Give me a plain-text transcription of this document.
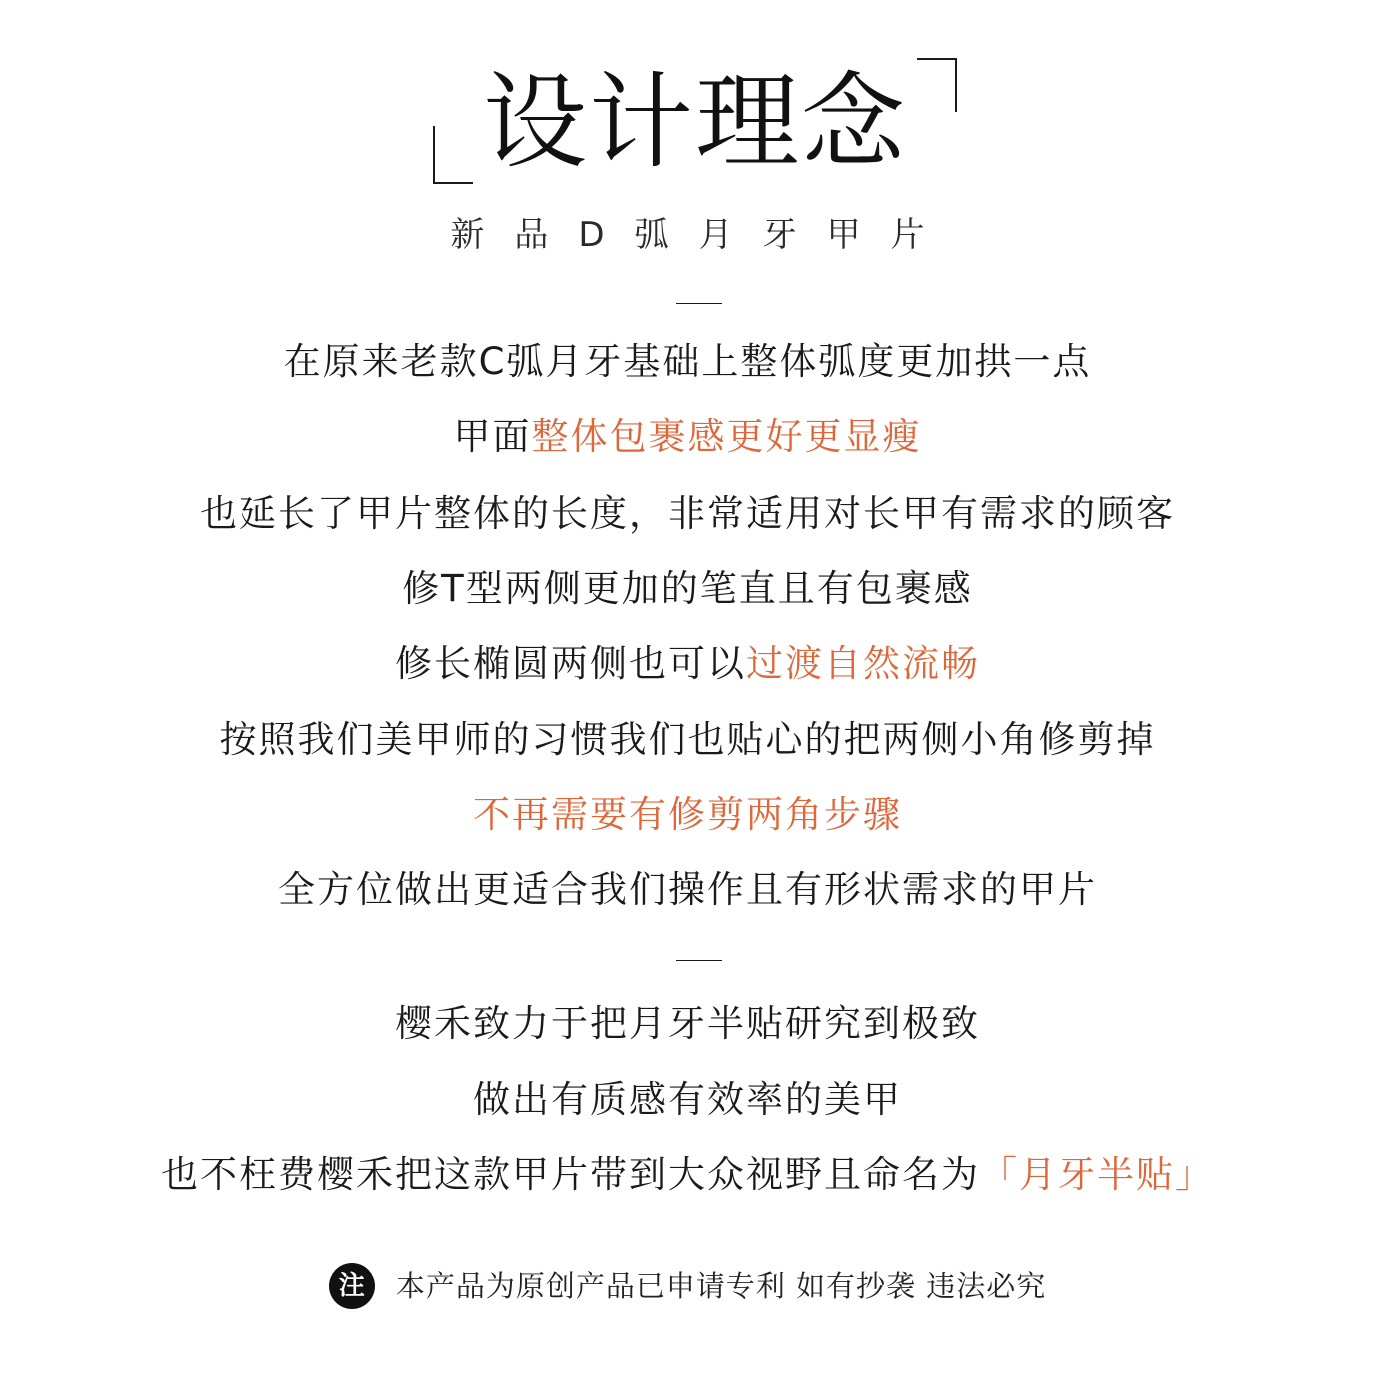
设计理念
新品D弧月牙甲片
在原来老款C弧月牙基础上整体弧度更加拱一点
甲面整体包裹感更好更显瘦
也延长了甲片整体的长度，非常适用对长甲有需求的顾客
修T型两侧更加的笔直且有包裹感
修长椭圆两侧也可以过渡自然流畅
按照我们美甲师的习惯我们也贴心的把两侧小角修剪掉
不再需要有修剪两角步骤
全方位做出更适合我们操作且有形状需求的甲片
樱禾致力于把月牙半贴研究到极致
做出有质感有效率的美甲
也不枉费樱禾把这款甲片带到大众视野且命名为「月牙半贴」
注 本产品为原创产品已申请专利 如有抄袭 违法必究
